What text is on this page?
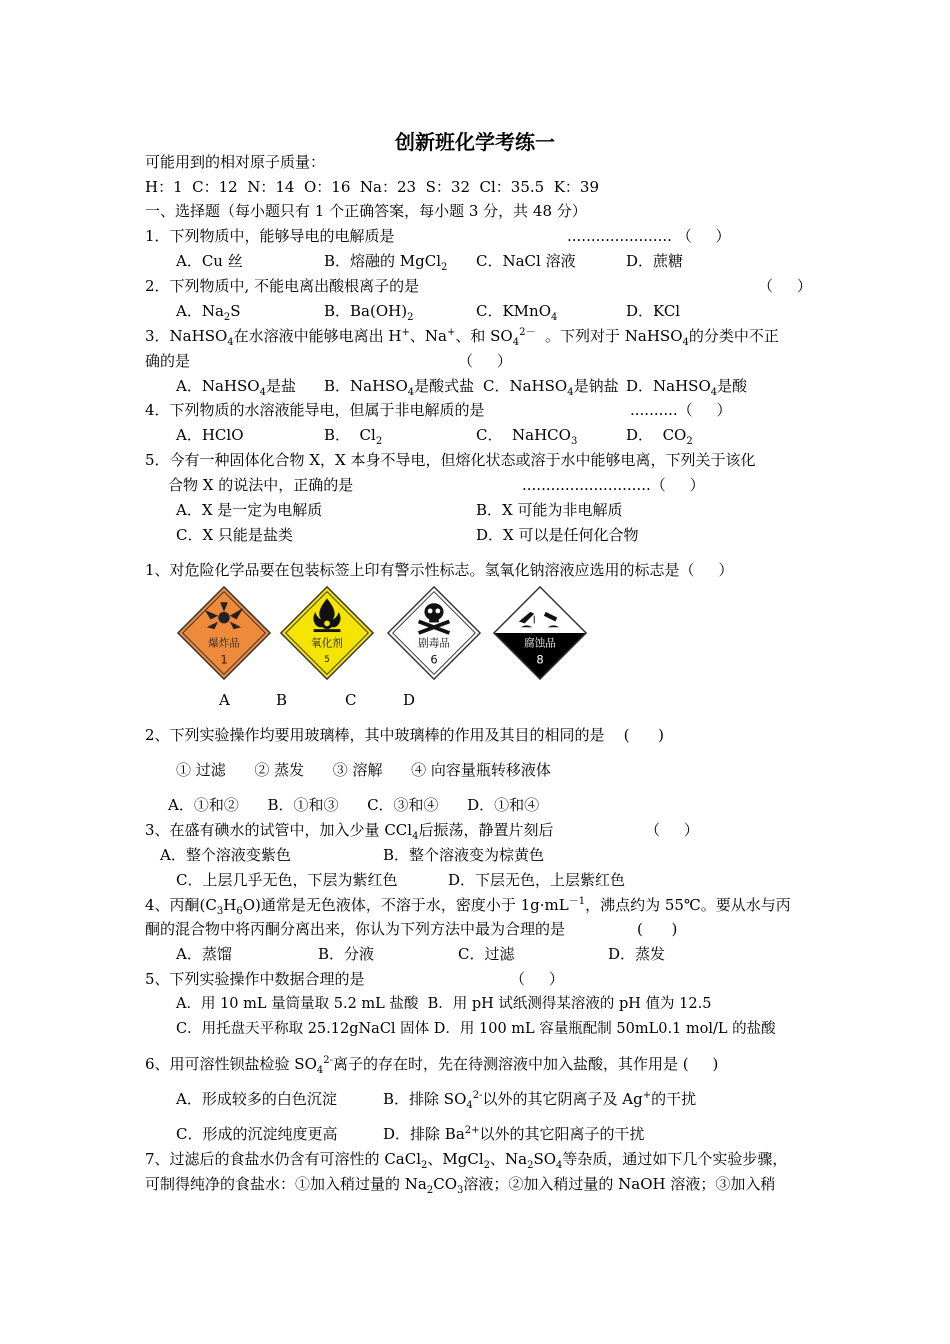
创新班化学考练一
可能用到的相对原子质量：
H：1  C：12  N：14  O：16  Na：23  S：32  Cl：35.5  K：39
一、选择题（每小题只有 1 个正确答案，每小题 3 分，共 48 分）
1．下列物质中，能够导电的电解质是	...................... （     ）
A．Cu 丝	B．熔融的 MgCl$_2$ C．NaCl 溶液	D．蔗糖
2．下列物质中, 不能电离出酸根离子的是	（     ）
A．$Na_2S$	B．$Ba(OH)_2$	C．KMnO$_4$	D．KCl
3．NaHSO$_4$在水溶液中能够电离出 H+、Na+、和 $SO_4^{2-}$  。下列对于 NaHSO$_4$的分类中不正
确的是	（     ）
A．NaHSO$_4$是盐 B．NaHSO$_4$是酸式盐 C．NaHSO$_4$是钠盐 D．NaHSO$_4$是酸
4．下列物质的水溶液能导电，但属于非电解质的是	..........（     ）
A．HClO	B．  $Cl_2$	C．  NaHCO$_3$	D．  $CO_2$
5．今有一种固体化合物 X，X 本身不导电，但熔化状态或溶于水中能够电离，下列关于该化
合物 X 的说法中，正确的是	...........................（     ）
A．X 是一定为电解质	B．X 可能为非电解质
C．X 只能是盐类	D．X 可以是任何化合物
1、对危险化学品要在包装标签上印有警示性标志。氢氧化钠溶液应选用的标志是（     ）
爆炸品
1
氧化剂
5
剧毒品
6
腐蚀品
8
A	B	C	D
2、下列实验操作均要用玻璃棒，其中玻璃棒的作用及其目的相同的是    (      )
① 过滤      ② 蒸发      ③ 溶解      ④ 向容量瓶转移液体
A．①和②      B．①和③      C．③和④      D．①和④
3、在盛有碘水的试管中，加入少量 CCl$_4$后振荡，静置片刻后	（     ）
A．整个溶液变紫色	B．整个溶液变为棕黄色
C．上层几乎无色，下层为紫红色	D．下层无色，上层紫红色
4、丙酮$(C_3H_6O)$通常是无色液体，不溶于水，密度小于 $1g\cdot mL^{-1}$，沸点约为 55℃。要从水与丙
酮的混合物中将丙酮分离出来，你认为下列方法中最为合理的是	(      )
A．蒸馏	B．分液	C．过滤	D．蒸发
5、下列实验操作中数据合理的是	（     ）
A．用 10 mL 量筒量取 5.2 mL 盐酸  B．用 pH 试纸测得某溶液的 pH 值为 12.5
C．用托盘天平称取 25.12gNaCl 固体 D．用 100 mL 容量瓶配制 50mL0.1 mol/L 的盐酸
6、用可溶性钡盐检验 $SO_4^{2-}$离子的存在时，先在待测溶液中加入盐酸，其作用是 (     )
A．形成较多的白色沉淀	B．排除 $SO_4^{2-}$以外的其它阴离子及 Ag+的干扰
C．形成的沉淀纯度更高	D．排除 $Ba^{2+}$以外的其它阳离子的干扰
7、过滤后的食盐水仍含有可溶性的 CaCl$_2$、MgCl$_2$、$Na_2SO_4$等杂质，通过如下几个实验步骤，
可制得纯净的食盐水：①加入稍过量的 $Na_2CO_3$溶液；②加入稍过量的 NaOH 溶液；③加入稍
